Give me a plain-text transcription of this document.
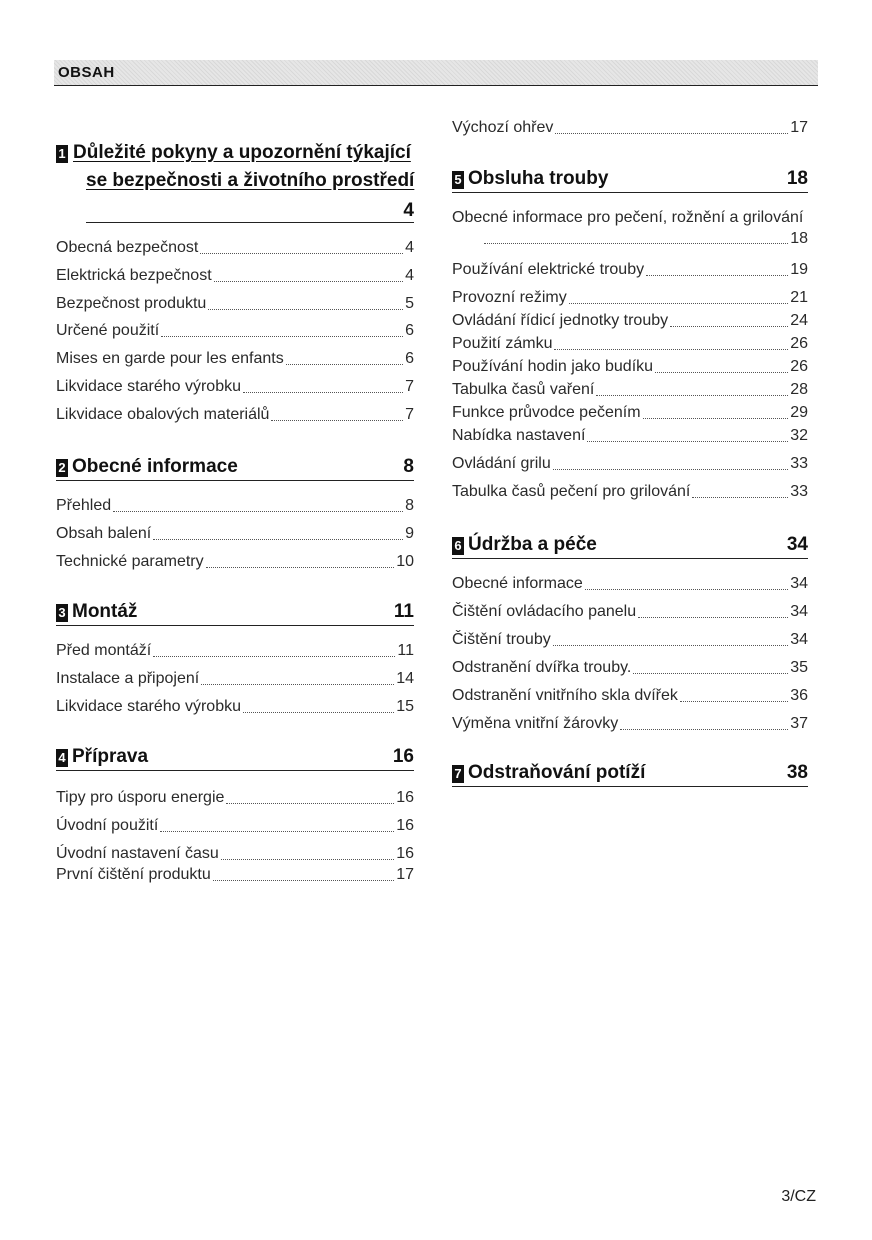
OBSAH
1 Důležité pokyny a upozornění týkající
se bezpečnosti a životního prostředí
4
Obecná bezpečnost	4
Elektrická bezpečnost	4
Bezpečnost produktu	5
Určené použití	6
Mises en garde pour les enfants	6
Likvidace starého výrobku	7
Likvidace obalových materiálů	7
2 Obecné informace	8
Přehled	8
Obsah balení	9
Technické parametry	10
3 Montáž	11
Před montáží	11
Instalace a připojení	14
Likvidace starého výrobku	15
4 Příprava	16
Tipy pro úsporu energie	16
Úvodní použití	16
Úvodní nastavení času	16
První čištění produktu	17
Výchozí ohřev	17
5 Obsluha trouby	18
Obecné informace pro pečení, rožnění a grilování
18
Používání elektrické trouby	19
Provozní režimy	21
Ovládání řídicí jednotky trouby	24
Použití zámku	26
Používání hodin jako budíku	26
Tabulka časů vaření	28
Funkce průvodce pečením	29
Nabídka nastavení	32
Ovládání grilu	33
Tabulka časů pečení pro grilování	33
6 Údržba a péče	34
Obecné informace	34
Čištění ovládacího panelu	34
Čištění trouby	34
Odstranění dvířka trouby.	35
Odstranění vnitřního skla dvířek	36
Výměna vnitřní žárovky	37
7 Odstraňování potíží	38
3/CZ
